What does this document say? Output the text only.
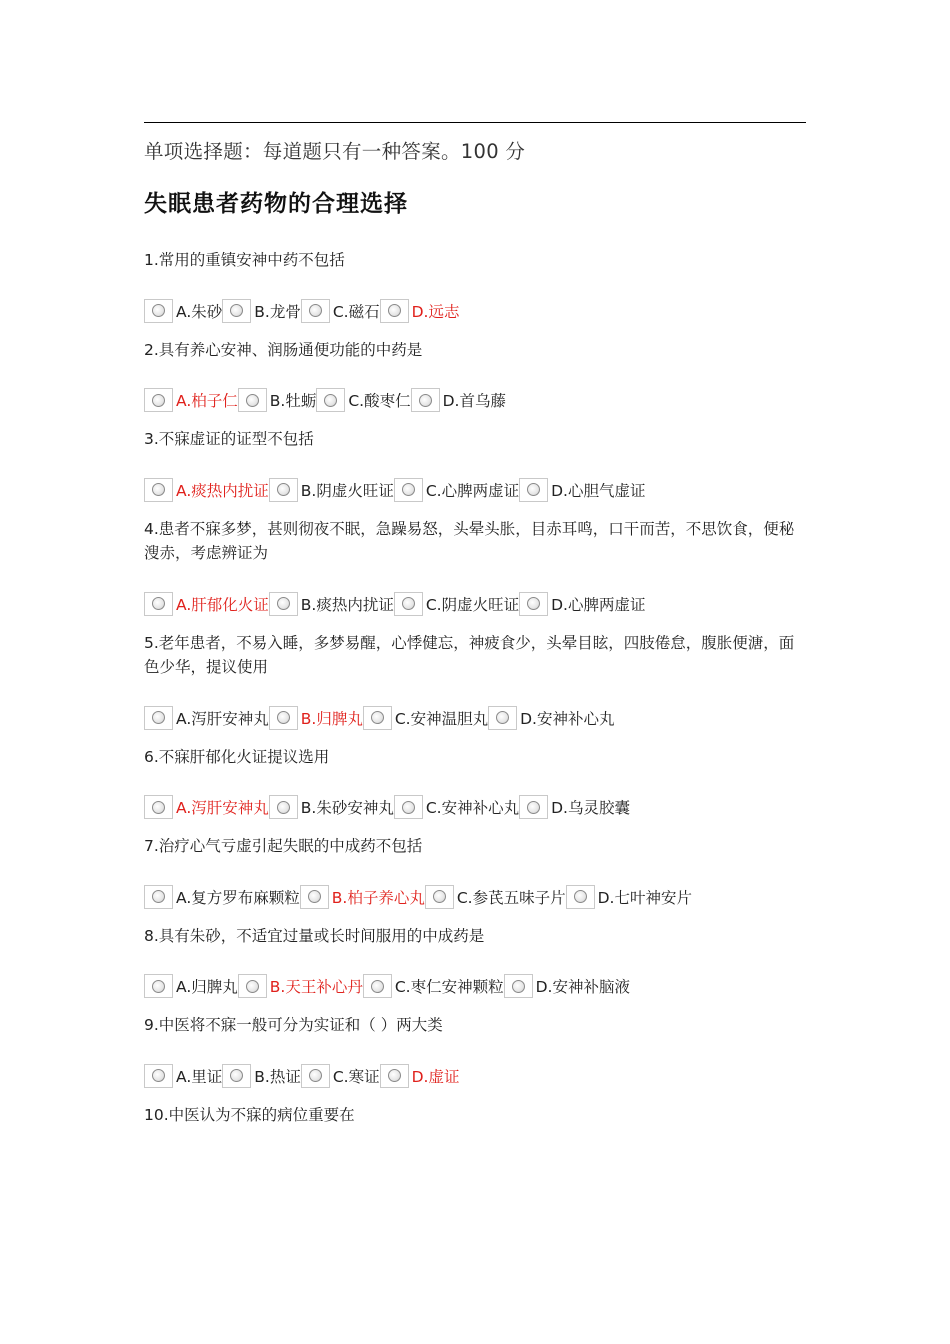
单项选择题：每道题只有一种答案。100 分
失眠患者药物的合理选择

1.常用的重镇安神中药不包括

A.朱砂 B.龙骨 C.磁石 D.远志

2.具有养心安神、润肠通便功能的中药是

A.柏子仁 B.牡蛎 C.酸枣仁 D.首乌藤

3.不寐虚证的证型不包括

A.痰热内扰证 B.阴虚火旺证 C.心脾两虚证 D.心胆气虚证

4.患者不寐多梦，甚则彻夜不眠，急躁易怒，头晕头胀，目赤耳鸣，口干而苦，不思饮食，便秘溲赤，考虑辨证为

A.肝郁化火证 B.痰热内扰证 C.阴虚火旺证 D.心脾两虚证

5.老年患者，不易入睡，多梦易醒，心悸健忘，神疲食少，头晕目眩，四肢倦怠，腹胀便溏，面色少华，提议使用

A.泻肝安神丸 B.归脾丸 C.安神温胆丸 D.安神补心丸

6.不寐肝郁化火证提议选用

A.泻肝安神丸 B.朱砂安神丸 C.安神补心丸 D.乌灵胶囊

7.治疗心气亏虚引起失眠的中成药不包括

A.复方罗布麻颗粒 B.柏子养心丸 C.参芪五味子片 D.七叶神安片

8.具有朱砂，不适宜过量或长时间服用的中成药是

A.归脾丸 B.天王补心丹 C.枣仁安神颗粒 D.安神补脑液

9.中医将不寐一般可分为实证和（ ）两大类

A.里证 B.热证 C.寒证 D.虚证

10.中医认为不寐的病位重要在
